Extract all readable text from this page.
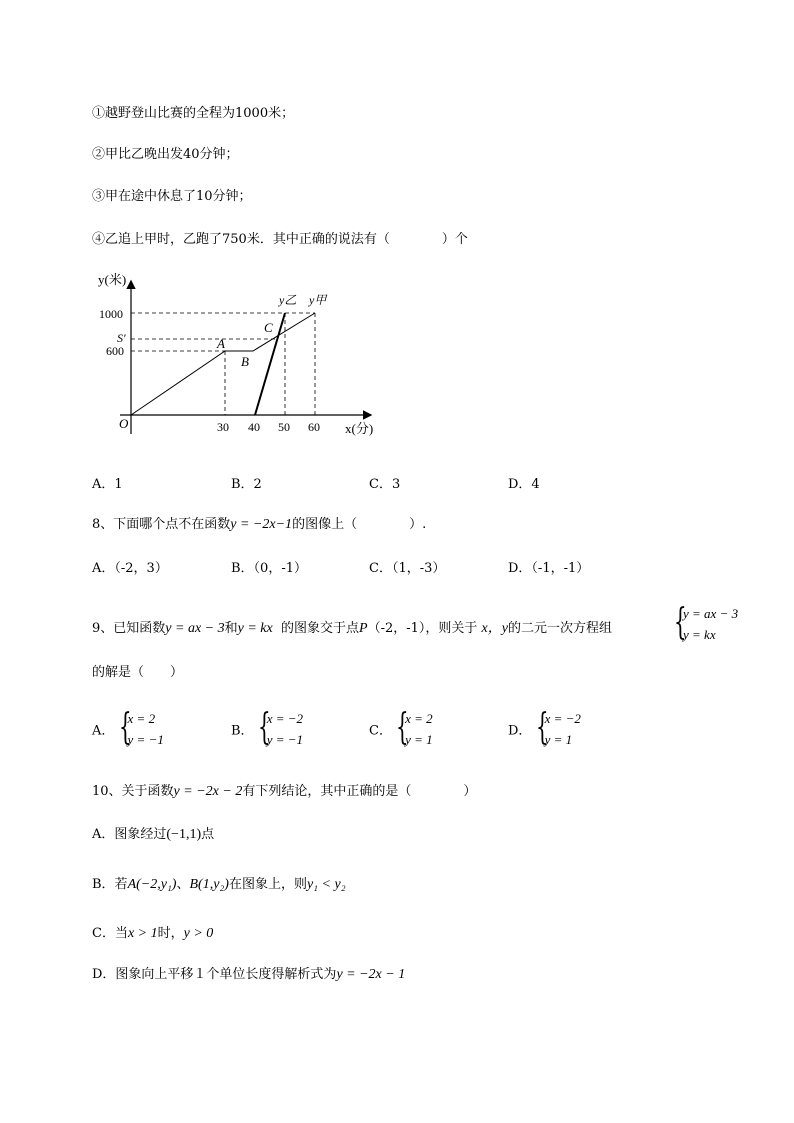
①越野登山比赛的全程为1000米；
②甲比乙晚出发40分钟；
③甲在途中休息了10分钟；
④乙追上甲时，乙跑了750米．其中正确的说法有（　　　　）个
y(米)
x(分)
O
1000
S′
600
30 40 50 60
A
B
C
y乙 y甲
A．1	B．2	C．3	D．4
8、下面哪个点不在函数y = −2x−1的图像上（　　　　）.
A．（-2，3）	B．（0，-1）	C．（1，-3）	D．（-1，-1）
9、已知函数y = ax − 3和y = kx 的图象交于点P（-2，-1），则关于 x，y的二元一次方程组 {
y = ax − 3
y = kx
的解是（　　）
A． {
x = 2
y = −1
B． {
x = −2
y = −1
C． {
x = 2
y = 1
D． {
x = −2
y = 1
10、关于函数y = −2x − 2有下列结论，其中正确的是（　　　　）
A．图象经过(−1,1)点
B．若A(−2,y₁)、B(1,y₂)在图象上，则y₁ < y₂
C．当x > 1时，y > 0
D．图象向上平移１个单位长度得解析式为y = −2x − 1
